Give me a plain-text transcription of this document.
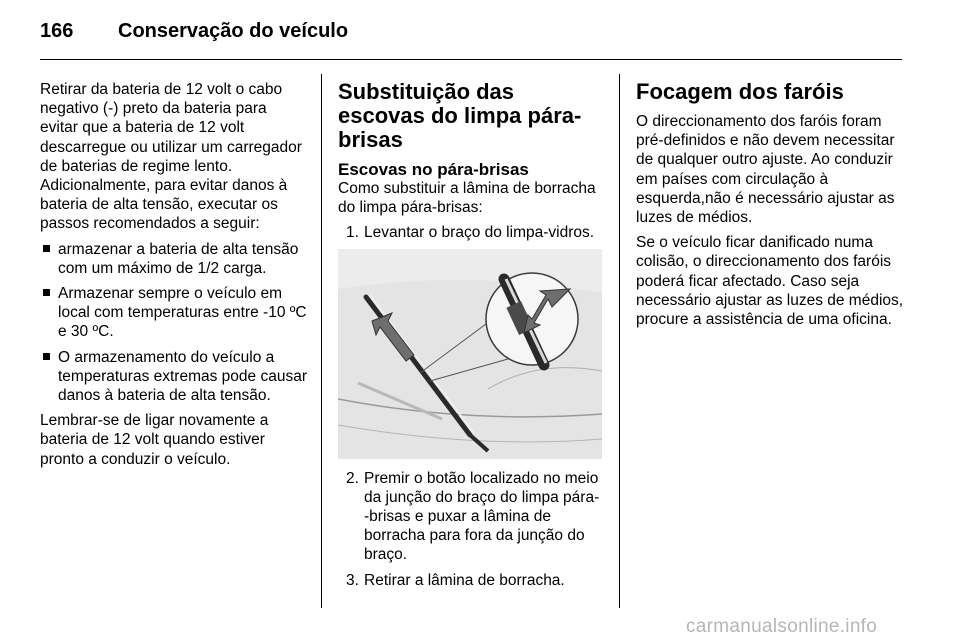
166 Conservação do veículo

Retirar da bateria de 12 volt o cabo negativo (-) preto da bateria para evitar que a bateria de 12 volt descarregue ou utilizar um carregador de baterias de regime lento. Adicionalmente, para evitar danos à bateria de alta tensão, executar os passos recomendados a seguir:

armazenar a bateria de alta tensão com um máximo de 1/2 carga.
Armazenar sempre o veículo em local com temperaturas entre -10 ºC e 30 ºC.
O armazenamento do veículo a temperaturas extremas pode causar danos à bateria de alta tensão.

Lembrar-se de ligar novamente a bateria de 12 volt quando estiver pronto a conduzir o veículo.

Substituição das escovas do limpa pára-brisas
Escovas no pára-brisas

Como substituir a lâmina de borracha do limpa pára-brisas:

1. Levantar o braço do limpa-vidros.
2. Premir o botão localizado no meio da junção do braço do limpa pára--brisas e puxar a lâmina de borracha para fora da junção do braço.
3. Retirar a lâmina de borracha.
Focagem dos faróis

O direccionamento dos faróis foram pré-definidos e não devem necessitar de qualquer outro ajuste. Ao conduzir em países com circulação à esquerda,não é necessário ajustar as luzes de médios.

Se o veículo ficar danificado numa colisão, o direccionamento dos faróis poderá ficar afectado. Caso seja necessário ajustar as luzes de médios, procure a assistência de uma oficina.

carmanualsonline.info
